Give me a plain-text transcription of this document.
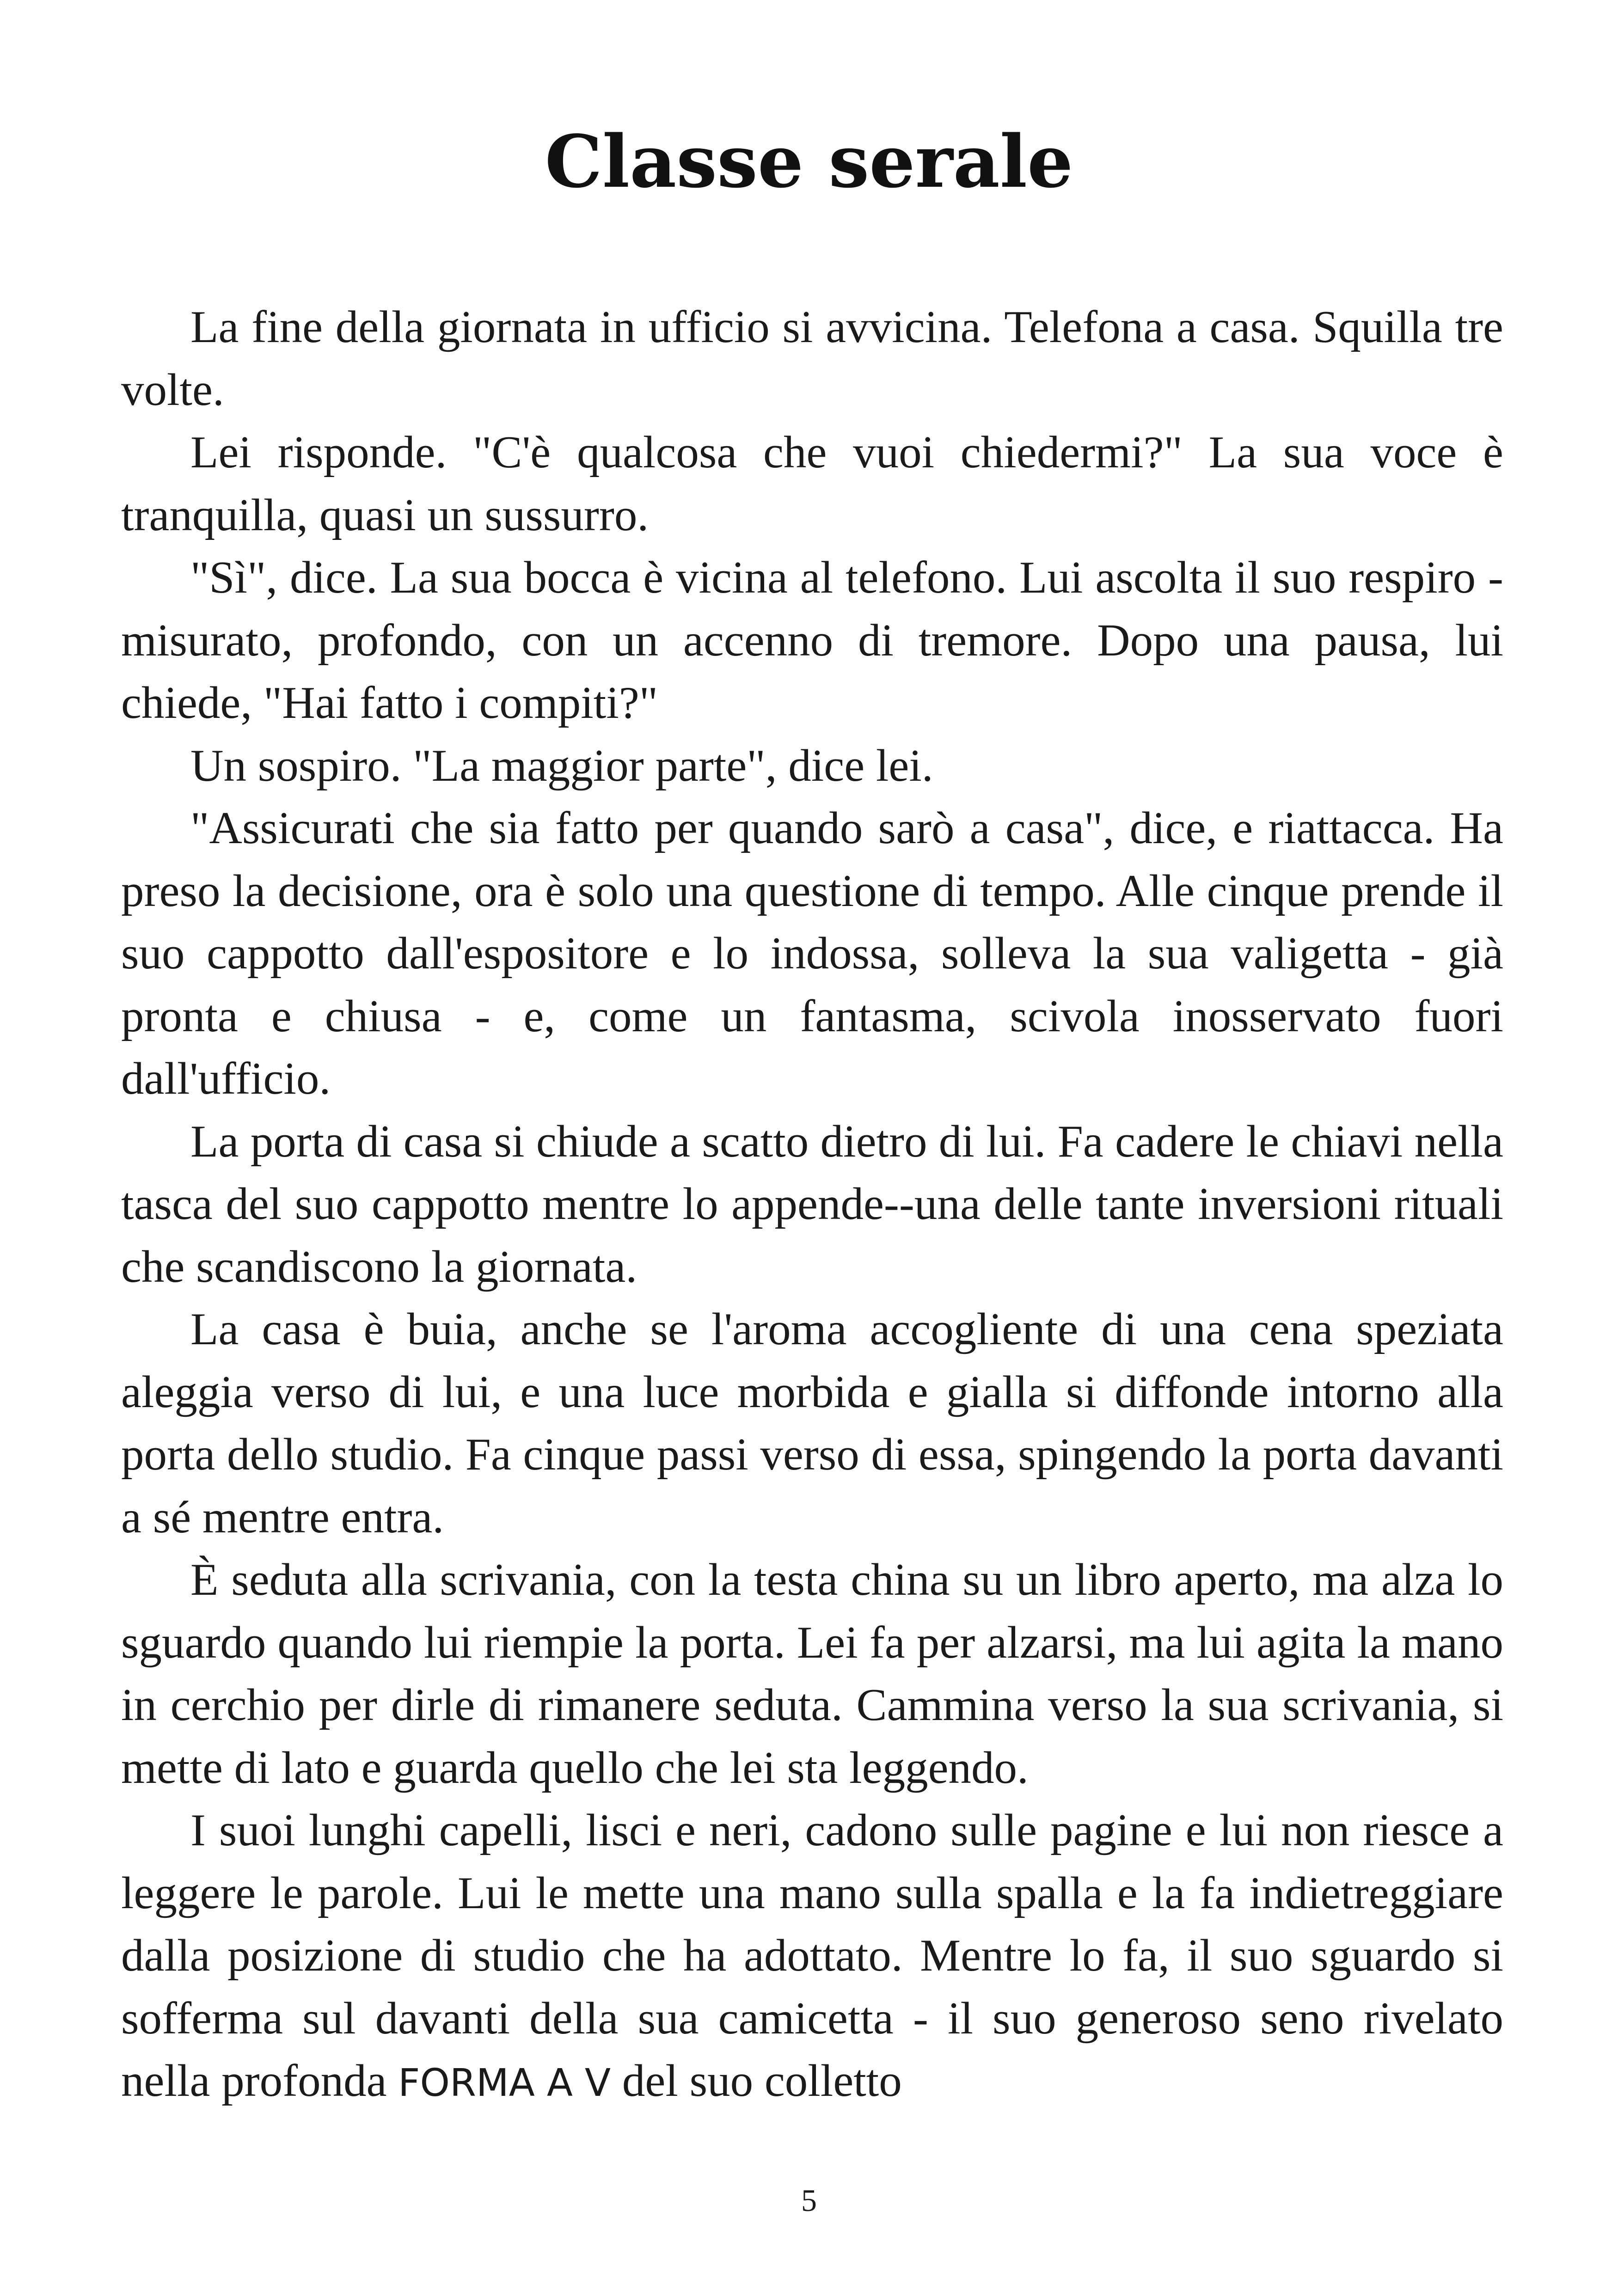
Classe serale

La fine della giornata in ufficio si avvicina. Telefona a casa. Squilla tre volte.

Lei risponde. "C'è qualcosa che vuoi chiedermi?" La sua voce è tranquilla, quasi un sussurro.

"Sì", dice. La sua bocca è vicina al telefono. Lui ascolta il suo respiro - misurato, profondo, con un accenno di tremore. Dopo una pausa, lui chiede, "Hai fatto i compiti?"

Un sospiro. "La maggior parte", dice lei.

"Assicurati che sia fatto per quando sarò a casa", dice, e riattacca. Ha preso la decisione, ora è solo una questione di tempo. Alle cinque prende il suo cappotto dall'espositore e lo indossa, solleva la sua valigetta - già pronta e chiusa - e, come un fantasma, scivola inosservato fuori dall'ufficio.

La porta di casa si chiude a scatto dietro di lui. Fa cadere le chiavi nella tasca del suo cappotto mentre lo appende--una delle tante inversioni rituali che scandiscono la giornata.

La casa è buia, anche se l'aroma accogliente di una cena speziata aleggia verso di lui, e una luce morbida e gialla si diffonde intorno alla porta dello studio. Fa cinque passi verso di essa, spingendo la porta davanti a sé mentre entra.

È seduta alla scrivania, con la testa china su un libro aperto, ma alza lo sguardo quando lui riempie la porta. Lei fa per alzarsi, ma lui agita la mano in cerchio per dirle di rimanere seduta. Cammina verso la sua scrivania, si mette di lato e guarda quello che lei sta leggendo.

I suoi lunghi capelli, lisci e neri, cadono sulle pagine e lui non riesce a leggere le parole. Lui le mette una mano sulla spalla e la fa indietreggiare dalla posizione di studio che ha adottato. Mentre lo fa, il suo sguardo si sofferma sul davanti della sua camicetta - il suo generoso seno rivelato nella profonda FORMA A V del suo colletto

5
